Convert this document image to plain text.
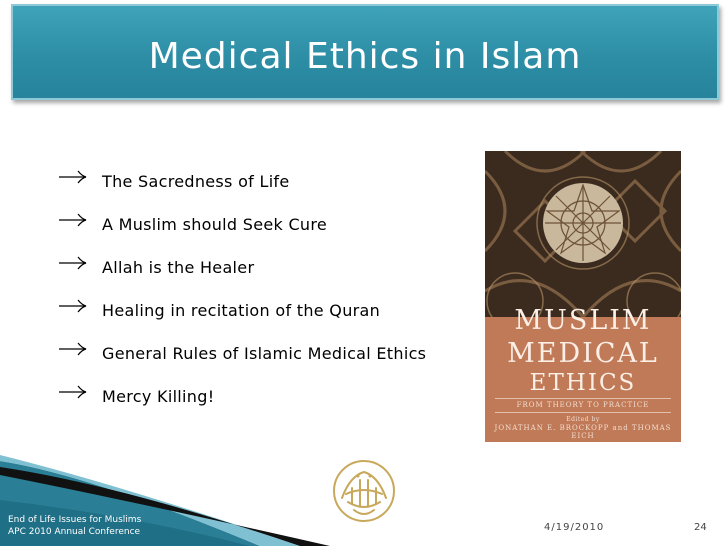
Medical Ethics in Islam
The Sacredness of Life
A Muslim should Seek Cure
Allah is the Healer
Healing in recitation of the Quran
General Rules of Islamic Medical Ethics
Mercy Killing!
MUSLIM
MEDICAL
ETHICS
FROM THEORY TO PRACTICE
Edited by
JONATHAN E. BROCKOPP and THOMAS EICH
End of Life Issues for Muslims
APC 2010 Annual Conference	4/19/2010	24
